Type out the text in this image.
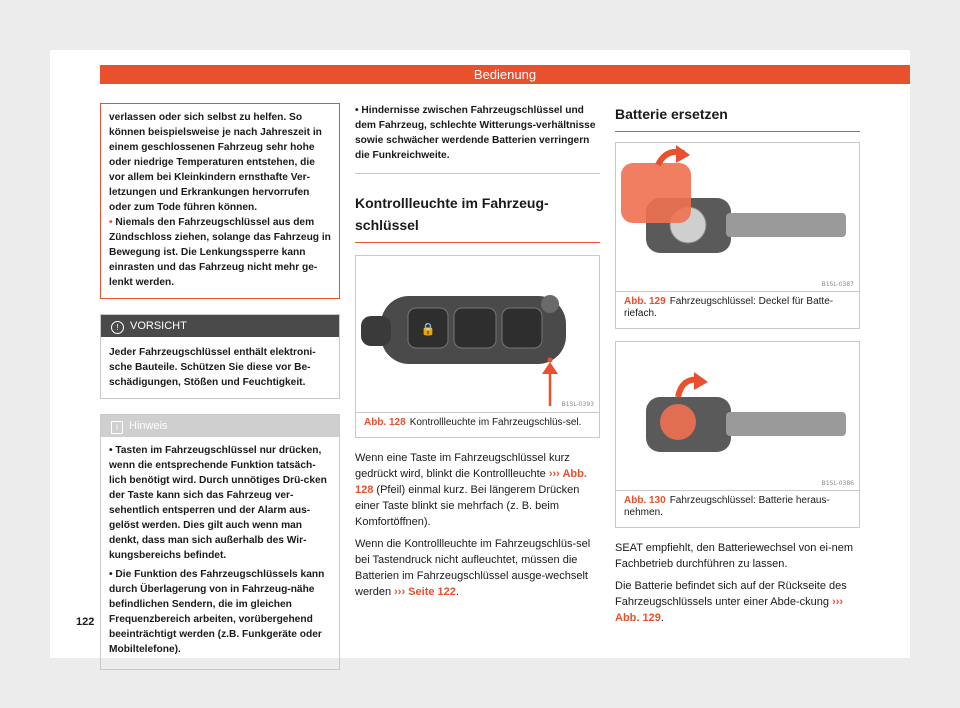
Bedienung

verlassen oder sich selbst zu helfen. So können beispielsweise je nach Jahreszeit in einem geschlossenen Fahrzeug sehr hohe oder niedrige Temperaturen entstehen, die vor allem bei Kleinkindern ernsthafte Ver-letzungen und Erkrankungen hervorrufen oder zum Tode führen können.

• Niemals den Fahrzeugschlüssel aus dem Zündschloss ziehen, solange das Fahrzeug in Bewegung ist. Die Lenkungssperre kann einrasten und das Fahrzeug nicht mehr ge-lenkt werden.

! VORSICHT
Jeder Fahrzeugschlüssel enthält elektroni-sche Bauteile. Schützen Sie diese vor Be-schädigungen, Stößen und Feuchtigkeit.
i Hinweis

• Tasten im Fahrzeugschlüssel nur drücken, wenn die entsprechende Funktion tatsäch-lich benötigt wird. Durch unnötiges Drü-cken der Taste kann sich das Fahrzeug ver-sehentlich entsperren und der Alarm aus-gelöst werden. Dies gilt auch wenn man denkt, dass man sich außerhalb des Wir-kungsbereichs befindet.

• Die Funktion des Fahrzeugschlüssels kann durch Überlagerung von in Fahrzeug-nähe befindlichen Sendern, die im gleichen Frequenzbereich arbeiten, vorübergehend beeinträchtigt werden (z.B. Funkgeräte oder Mobiltelefone).

• Hindernisse zwischen Fahrzeugschlüssel und dem Fahrzeug, schlechte Witterungs-verhältnisse sowie schwächer werdende Batterien verringern die Funkreichweite.
Kontrollleuchte im Fahrzeug-schlüssel
🔒
B1SL-0393
Abb. 128 Kontrollleuchte im Fahrzeugschlüs-sel.

Wenn eine Taste im Fahrzeugschlüssel kurz gedrückt wird, blinkt die Kontrollleuchte ››› Abb. 128 (Pfeil) einmal kurz. Bei längerem Drücken einer Taste blinkt sie mehrfach (z. B. beim Komfortöffnen).

Wenn die Kontrollleuchte im Fahrzeugschlüs-sel bei Tastendruck nicht aufleuchtet, müssen die Batterien im Fahrzeugschlüssel ausge-wechselt werden ››› Seite 122.

Batterie ersetzen
B1SL-0387
Abb. 129 Fahrzeugschlüssel: Deckel für Batte-riefach.
B1SL-0386
Abb. 130 Fahrzeugschlüssel: Batterie heraus-nehmen.

SEAT empfiehlt, den Batteriewechsel von ei-nem Fachbetrieb durchführen zu lassen.

Die Batterie befindet sich auf der Rückseite des Fahrzeugschlüssels unter einer Abde-ckung ››› Abb. 129.

122
